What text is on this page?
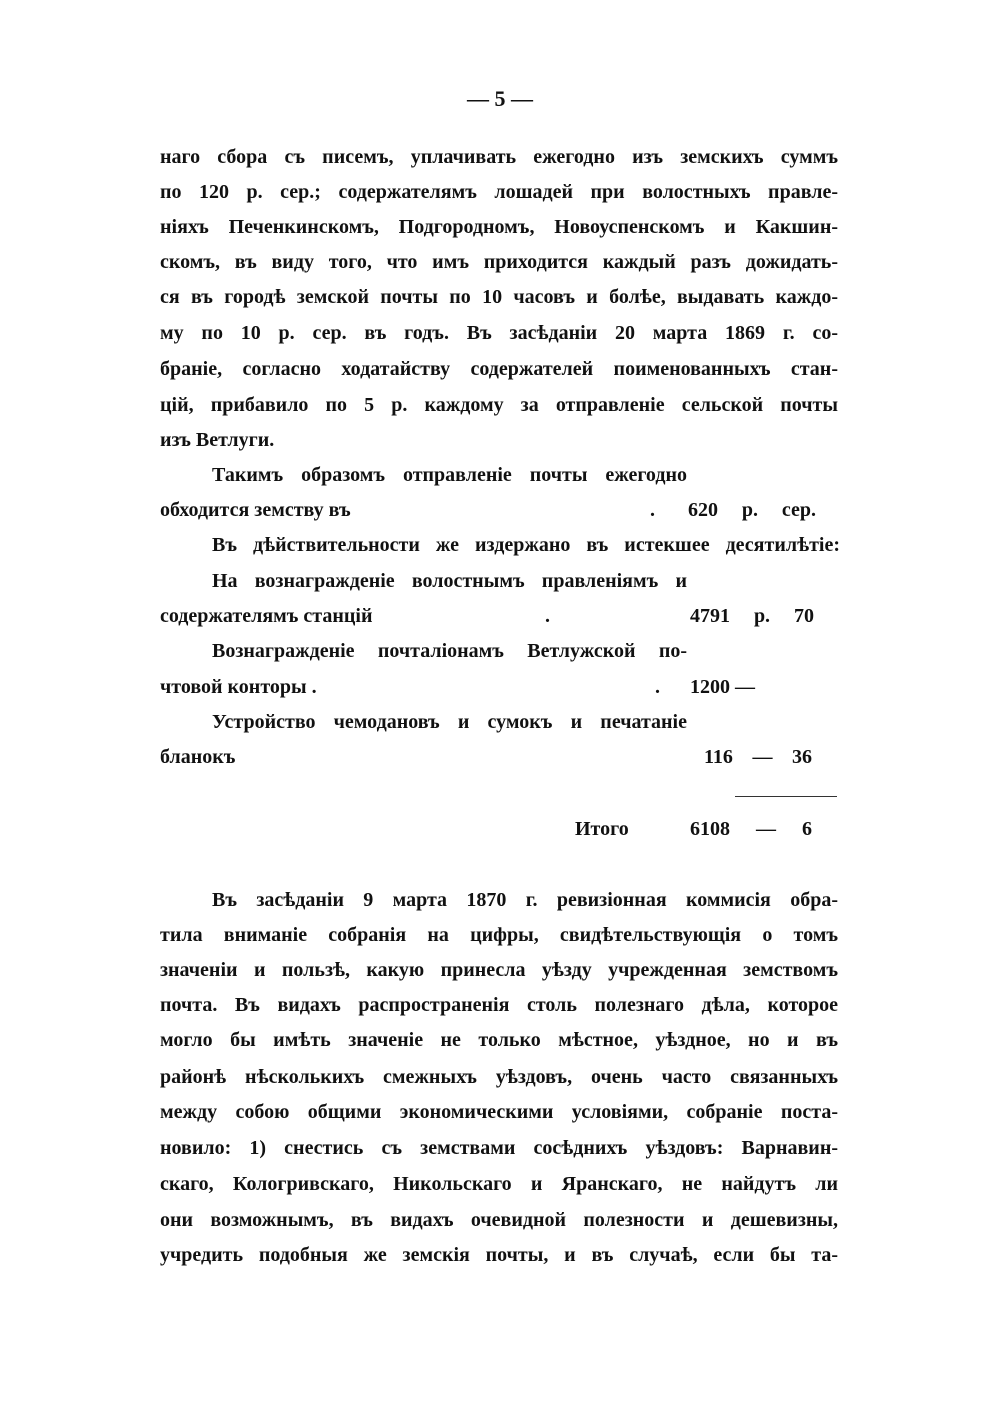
— 5 —
наго сбора съ писемъ, уплачивать ежегодно изъ земскихъ суммъ
по 120 р. сер.; содержателямъ лошадей при волостныхъ правле-
ніяхъ Печенкинскомъ, Подгородномъ, Новоуспенскомъ и Какшин-
скомъ, въ виду того, что имъ приходится каждый разъ дожидать-
ся въ городѣ земской почты по 10 часовъ и болѣе, выдавать каждо-
му по 10 р. сер. въ годъ. Въ засѣданіи 20 марта 1869 г. со-
браніе, согласно ходатайству содержателей поименованныхъ стан-
цій, прибавило по 5 р. каждому за отправленіе сельской почты
изъ Ветлуги.
Такимъ образомъ отправленіе почты ежегодно
обходится земству въ	. 620 р. сер.
Въ дѣйствительности же издержано въ истекшее десятилѣтіе:
На вознагражденіе волостнымъ правленіямъ и
содержателямъ станцій	.	4791 р. 70
Вознагражденіе почталіонамъ Ветлужской по-
чтовой конторы .	. 1200 —
Устройство чемодановъ и сумокъ и печатаніе
бланокъ	116 — 36
Итого	6108 — 6
Въ засѣданіи 9 марта 1870 г. ревизіонная коммисія обра-
тила вниманіе собранія на цифры, свидѣтельствующія о томъ
значеніи и пользѣ, какую принесла уѣзду учрежденная земствомъ
почта. Въ видахъ распространенія столь полезнаго дѣла, которое
могло бы имѣть значеніе не только мѣстное, уѣздное, но и въ
районѣ нѣсколькихъ смежныхъ уѣздовъ, очень часто связанныхъ
между собою общими экономическими условіями, собраніе поста-
новило: 1) снестись съ земствами сосѣднихъ уѣздовъ: Варнавин-
скаго, Кологривскаго, Никольскаго и Яранскаго, не найдутъ ли
они возможнымъ, въ видахъ очевидной полезности и дешевизны,
учредить подобныя же земскія почты, и въ случаѣ, если бы та-
